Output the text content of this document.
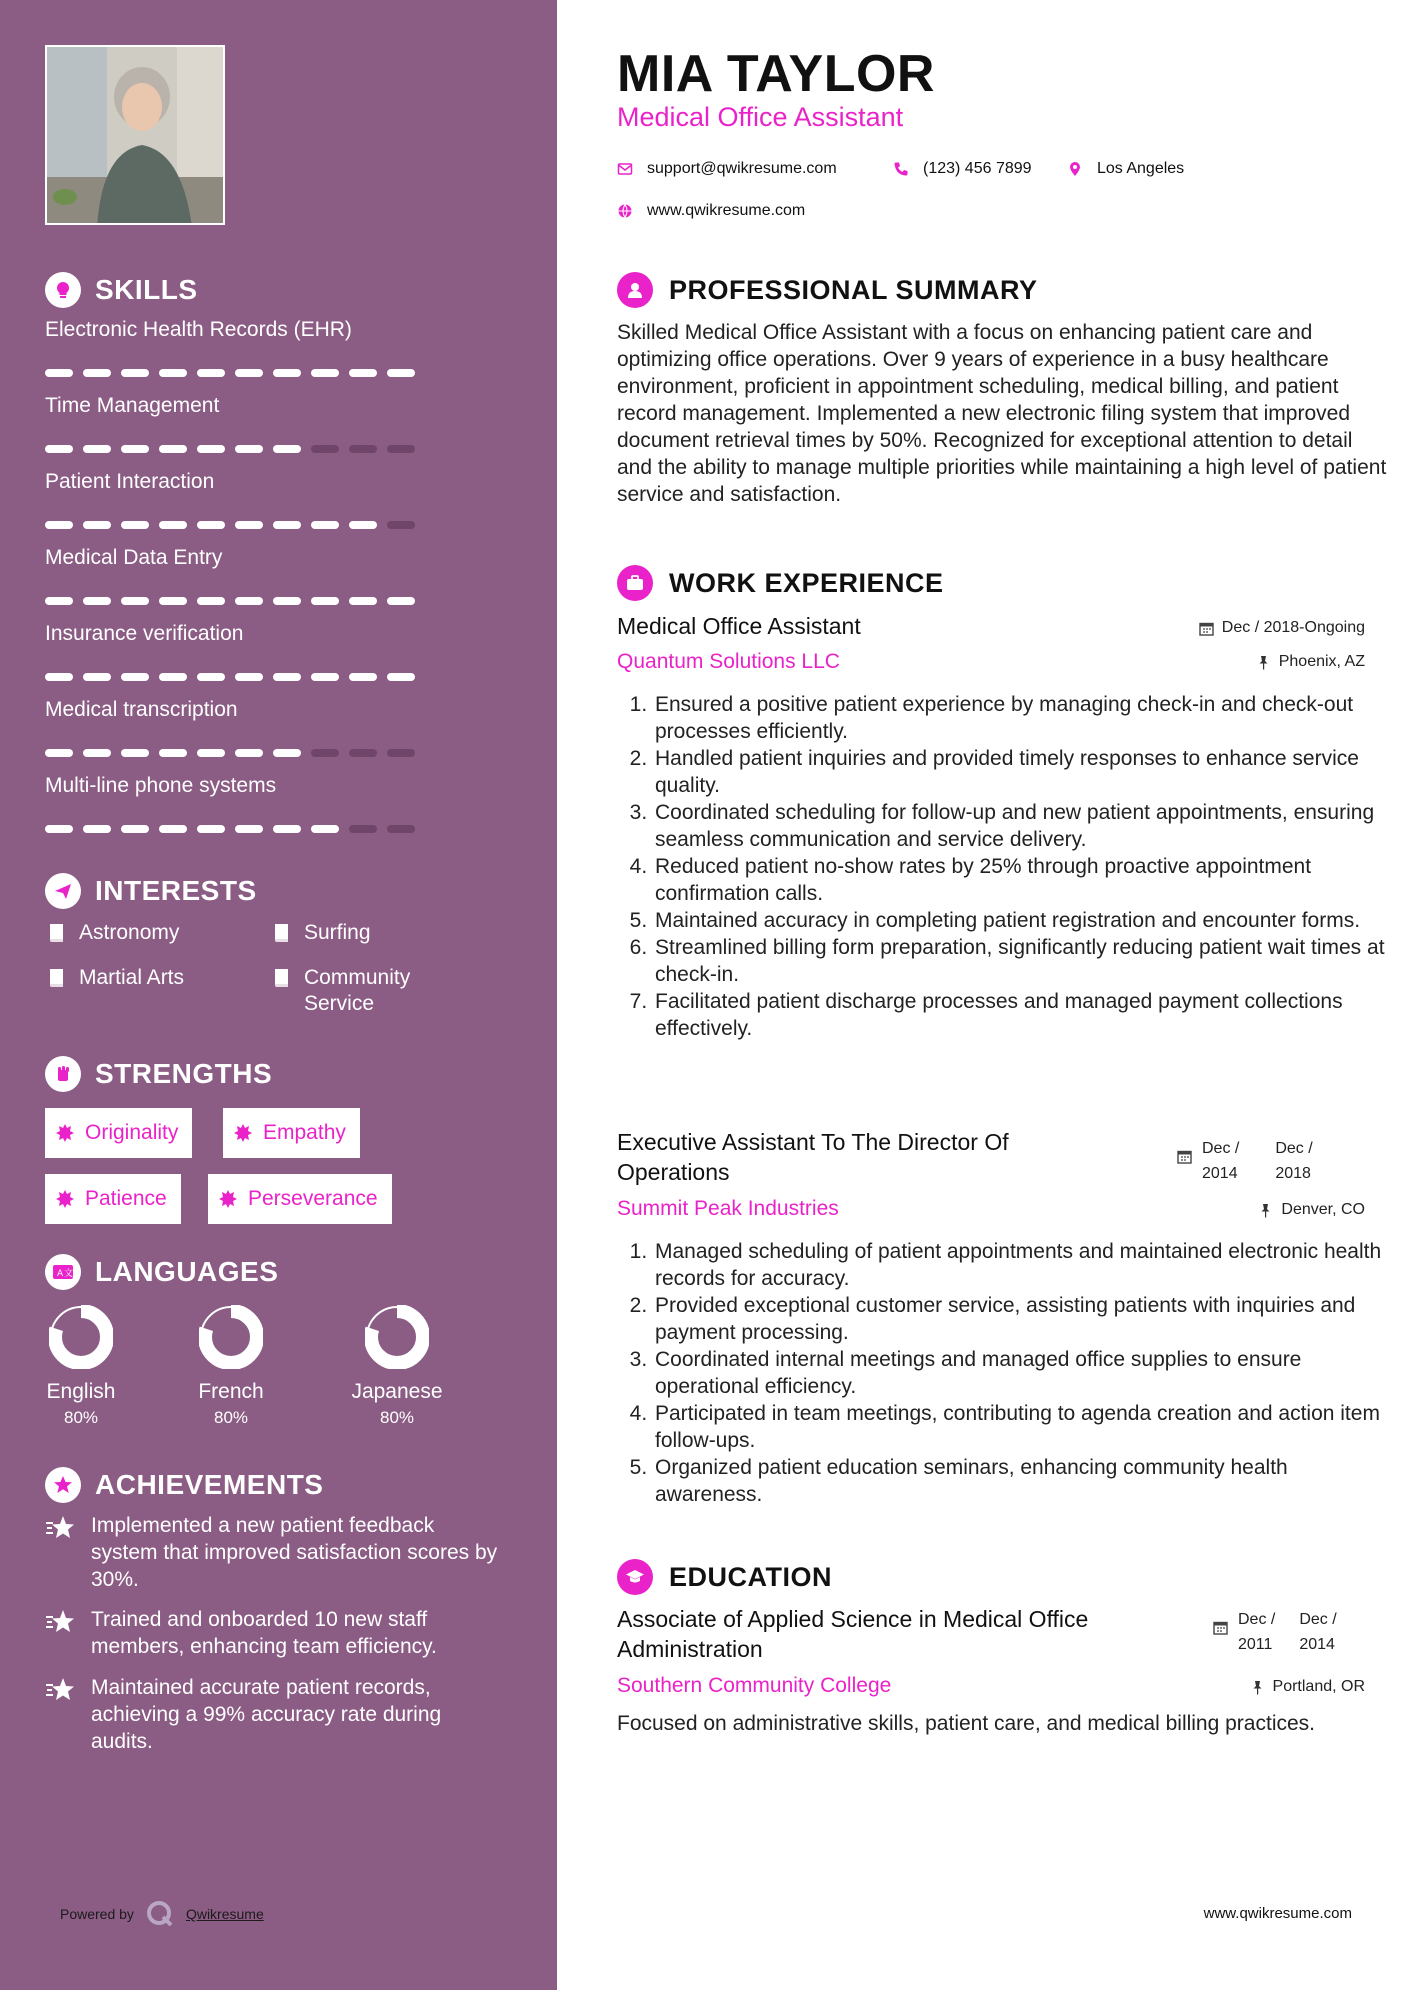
SKILLS
INTERESTS
Astronomy	Surfing
Martial Arts	Community Service
STRENGTHS
Originality	Empathy
Patience	Perseverance
A 文 LANGUAGES
ACHIEVEMENTS
Implemented a new patient feedback system that improved satisfaction scores by 30%.
Trained and onboarded 10 new staff members, enhancing team efficiency.
Maintained accurate patient records, achieving a 99% accuracy rate during audits.
Powered by	Qwikresume
Electronic Health Records (EHR)
Time Management
Patient Interaction
Medical Data Entry
Insurance verification
Medical transcription
Multi-line phone systems
English
80%
French
80%
Japanese
80%
MIA TAYLOR
Medical Office Assistant
support@qwikresume.com	(123) 456 7899	Los Angeles
www.qwikresume.com
PROFESSIONAL SUMMARY
Skilled Medical Office Assistant with a focus on enhancing patient care and optimizing office operations. Over 9 years of experience in a busy healthcare environment, proficient in appointment scheduling, medical billing, and patient record management. Implemented a new electronic filing system that improved document retrieval times by 50%. Recognized for exceptional attention to detail and the ability to manage multiple priorities while maintaining a high level of patient service and satisfaction.
WORK EXPERIENCE
Medical Office Assistant	Dec / 2018-Ongoing
Quantum Solutions LLC	Phoenix, AZ
1. Ensured a positive patient experience by managing check-in and check-out processes efficiently.
2. Handled patient inquiries and provided timely responses to enhance service quality.
3. Coordinated scheduling for follow-up and new patient appointments, ensuring seamless communication and service delivery.
4. Reduced patient no-show rates by 25% through proactive appointment confirmation calls.
5. Maintained accuracy in completing patient registration and encounter forms.
6. Streamlined billing form preparation, significantly reducing patient wait times at check-in.
7. Facilitated patient discharge processes and managed payment collections effectively.
Executive Assistant To The Director Of Operations
Dec /
2014
Dec /
2018
Summit Peak Industries	Denver, CO
1. Managed scheduling of patient appointments and maintained electronic health records for accuracy.
2. Provided exceptional customer service, assisting patients with inquiries and payment processing.
3. Coordinated internal meetings and managed office supplies to ensure operational efficiency.
4. Participated in team meetings, contributing to agenda creation and action item follow-ups.
5. Organized patient education seminars, enhancing community health awareness.
EDUCATION
Associate of Applied Science in Medical Office Administration
Dec /
2011
Dec /
2014
Southern Community College	Portland, OR
Focused on administrative skills, patient care, and medical billing practices.
www.qwikresume.com
